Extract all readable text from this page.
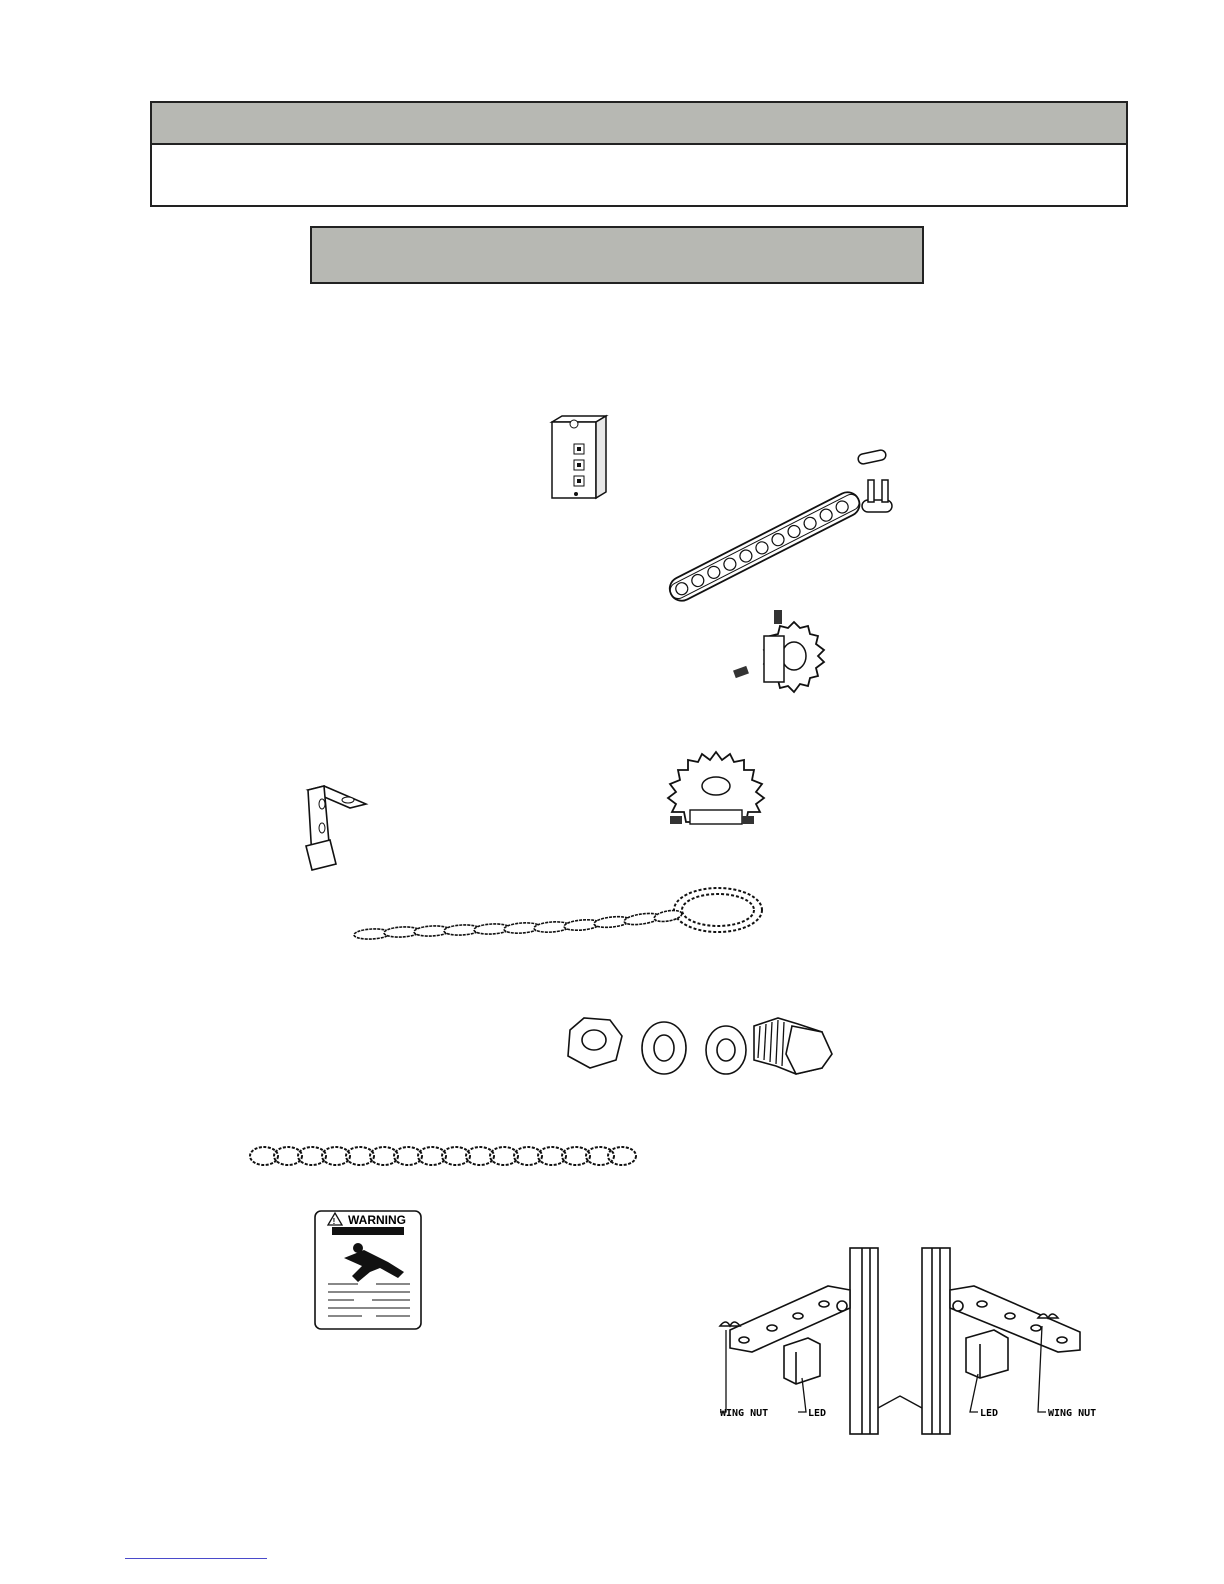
! WARNING
WING NUT	LED	LED	WING NUT
